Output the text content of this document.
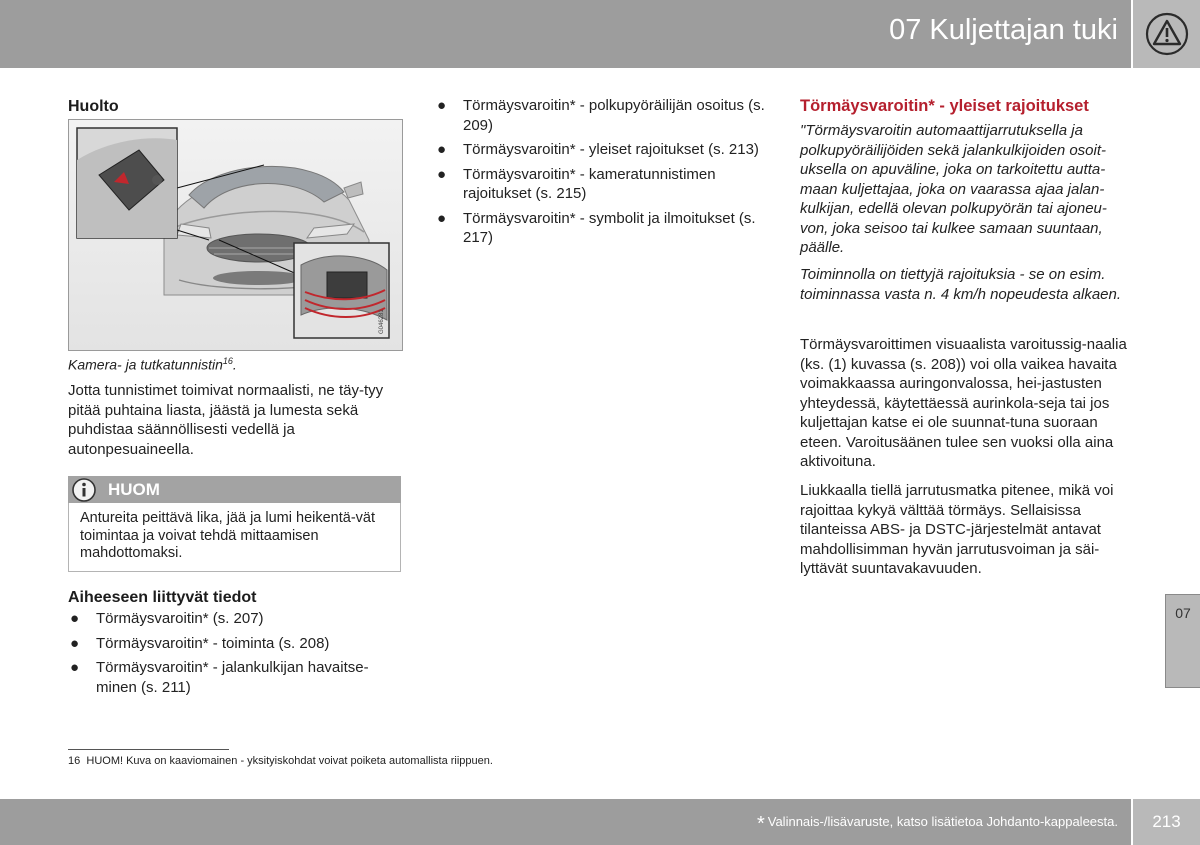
07 Kuljettajan tuki
Huolto
G046281
Kamera- ja tutkatunnistin$^{16}$.
Jotta tunnistimet toimivat normaalisti, ne täy-tyy pitää puhtaina liasta, jäästä ja lumesta sekä puhdistaa säännöllisesti vedellä ja autonpesuaineella.
HUOM
Antureita peittävä lika, jää ja lumi heikentä-vät toimintaa ja voivat tehdä mittaamisen mahdottomaksi.
Aiheeseen liittyvät tiedot
● Törmäysvaroitin* (s. 207)
● Törmäysvaroitin* - toiminta (s. 208)
● Törmäysvaroitin* - jalankulkijan havaitse-minen (s. 211)
● Törmäysvaroitin* - polkupyöräilijän osoitus (s. 209)
● Törmäysvaroitin* - yleiset rajoitukset (s. 213)
● Törmäysvaroitin* - kameratunnistimen rajoitukset (s. 215)
● Törmäysvaroitin* - symbolit ja ilmoitukset (s. 217)
Törmäysvaroitin* - yleiset rajoitukset
"Törmäysvaroitin automaattijarrutuksella ja polkupyöräilijöiden sekä jalankulkijoiden osoit-uksella on apuväline, joka on tarkoitettu autta-maan kuljettajaa, joka on vaarassa ajaa jalan-kulkijan, edellä olevan polkupyörän tai ajoneu-von, joka seisoo tai kulkee samaan suuntaan, päälle.
Toiminnolla on tiettyjä rajoituksia - se on esim. toiminnassa vasta n. 4 km/h nopeudesta alkaen.
Törmäysvaroittimen visuaalista varoitussig-naalia (ks. (1) kuvassa (s. 208)) voi olla vaikea havaita voimakkaassa auringonvalossa, hei-jastusten yhteydessä, käytettäessä aurinkola-seja tai jos kuljettajan katse ei ole suunnat-tuna suoraan eteen. Varoitusäänen tulee sen vuoksi olla aina aktivoituna.
Liukkaalla tiellä jarrutusmatka pitenee, mikä voi rajoittaa kykyä välttää törmäys. Sellaisissa tilanteissa ABS- ja DSTC-järjestelmät antavat mahdollisimman hyvän jarrutusvoiman ja säi-lyttävät suuntavakavuuden.
07
16 HUOM! Kuva on kaaviomainen - yksityiskohdat voivat poiketa automallista riippuen.
* Valinnais-/lisävaruste, katso lisätietoa Johdanto-kappaleesta.	213
